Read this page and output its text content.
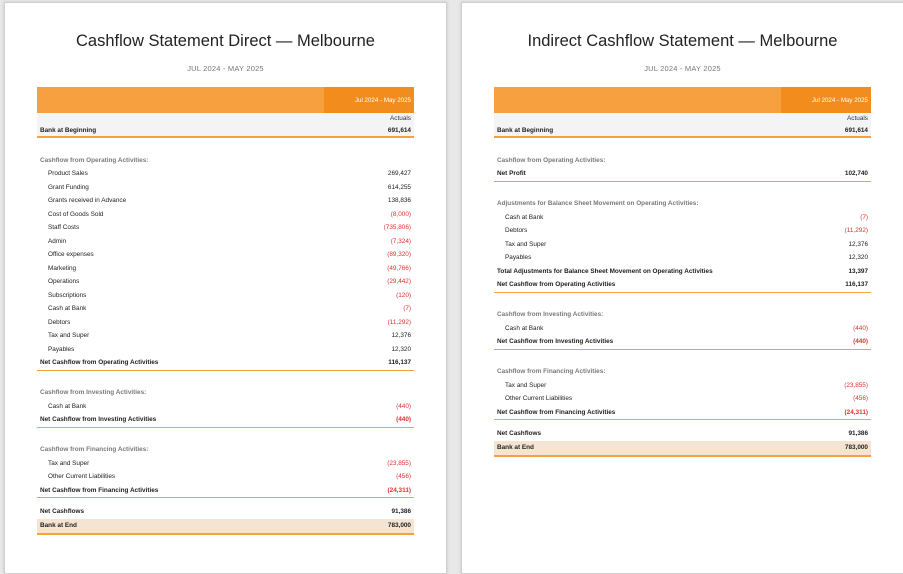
Cashflow Statement Direct — Melbourne
JUL 2024 - MAY 2025
Jul 2024 - May 2025
Actuals
Bank at Beginning	691,614
Cashflow from Operating Activities:
Product Sales	269,427
Grant Funding	614,255
Grants received in Advance	138,836
Cost of Goods Sold	(8,000)
Staff Costs	(735,806)
Admin	(7,324)
Office expenses	(89,320)
Marketing	(49,766)
Operations	(29,442)
Subscriptions	(120)
Cash at Bank	(7)
Debtors	(11,292)
Tax and Super	12,376
Payables	12,320
Net Cashflow from Operating Activities	116,137
Cashflow from Investing Activities:
Cash at Bank	(440)
Net Cashflow from Investing Activities	(440)
Cashflow from Financing Activities:
Tax and Super	(23,855)
Other Current Liabilities	(456)
Net Cashflow from Financing Activities	(24,311)
Net Cashflows	91,386
Bank at End	783,000
Indirect Cashflow Statement — Melbourne
JUL 2024 - MAY 2025
Jul 2024 - May 2025
Actuals
Bank at Beginning	691,614
Cashflow from Operating Activities:
Net Profit	102,740
Adjustments for Balance Sheet Movement on Operating Activities:
Cash at Bank	(7)
Debtors	(11,292)
Tax and Super	12,376
Payables	12,320
Total Adjustments for Balance Sheet Movement on Operating Activities	13,397
Net Cashflow from Operating Activities	116,137
Cashflow from Investing Activities:
Cash at Bank	(440)
Net Cashflow from Investing Activities	(440)
Cashflow from Financing Activities:
Tax and Super	(23,855)
Other Current Liabilities	(456)
Net Cashflow from Financing Activities	(24,311)
Net Cashflows	91,386
Bank at End	783,000
